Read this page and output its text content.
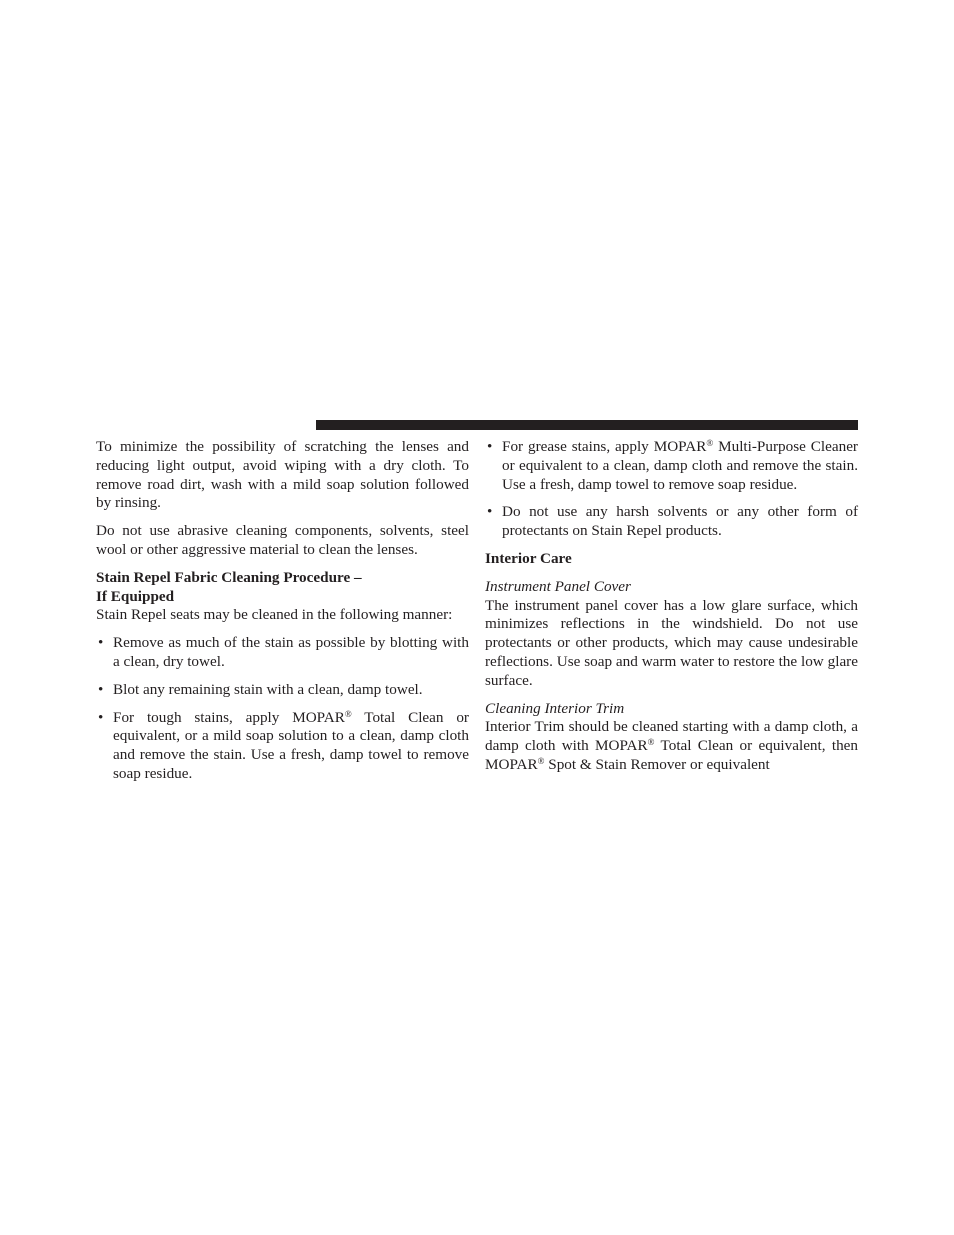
To minimize the possibility of scratching the lenses and reducing light output, avoid wiping with a dry cloth. To remove road dirt, wash with a mild soap solution followed by rinsing.

Do not use abrasive cleaning components, solvents, steel wool or other aggressive material to clean the lenses.

Stain Repel Fabric Cleaning Procedure –
If Equipped

Stain Repel seats may be cleaned in the following manner:

• Remove as much of the stain as possible by blotting with a clean, dry towel.
• Blot any remaining stain with a clean, damp towel.
• For tough stains, apply MOPAR® Total Clean or equivalent, or a mild soap solution to a clean, damp cloth and remove the stain. Use a fresh, damp towel to remove soap residue.
• For grease stains, apply MOPAR® Multi-Purpose Cleaner or equivalent to a clean, damp cloth and remove the stain. Use a fresh, damp towel to remove soap residue.
• Do not use any harsh solvents or any other form of protectants on Stain Repel products.
Interior Care
Instrument Panel Cover

The instrument panel cover has a low glare surface, which minimizes reflections in the windshield. Do not use protectants or other products, which may cause undesirable reflections. Use soap and warm water to restore the low glare surface.

Cleaning Interior Trim

Interior Trim should be cleaned starting with a damp cloth, a damp cloth with MOPAR® Total Clean or equivalent, then MOPAR® Spot & Stain Remover or equivalent
